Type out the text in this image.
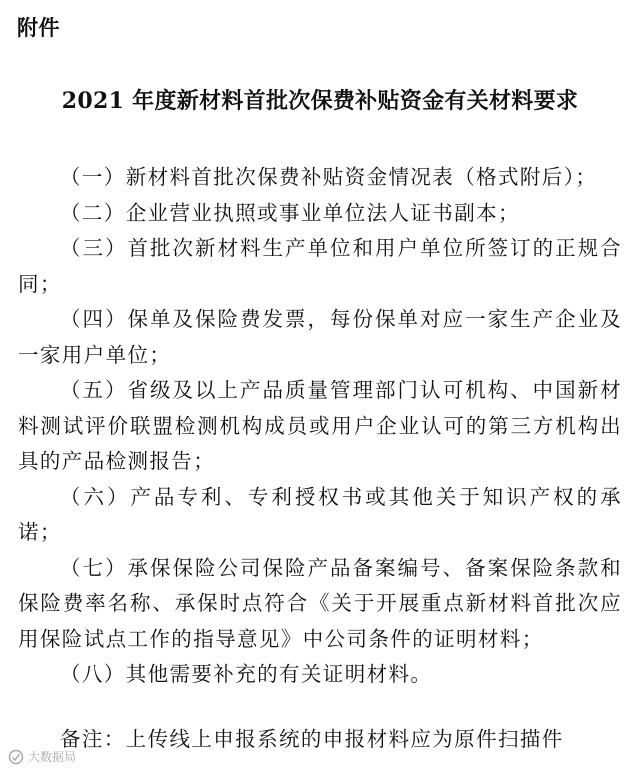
附件
2021 年度新材料首批次保费补贴资金有关材料要求
（一）新材料首批次保费补贴资金情况表（格式附后）；
（二）企业营业执照或事业单位法人证书副本；
（三）首批次新材料生产单位和用户单位所签订的正规合同；
（四）保单及保险费发票，每份保单对应一家生产企业及一家用户单位；
（五）省级及以上产品质量管理部门认可机构、中国新材料测试评价联盟检测机构成员或用户企业认可的第三方机构出具的产品检测报告；
（六）产品专利、专利授权书或其他关于知识产权的承诺；
（七）承保保险公司保险产品备案编号、备案保险条款和保险费率名称、承保时点符合《关于开展重点新材料首批次应用保险试点工作的指导意见》中公司条件的证明材料；
（八）其他需要补充的有关证明材料。
备注：上传线上申报系统的申报材料应为原件扫描件
大数据局
